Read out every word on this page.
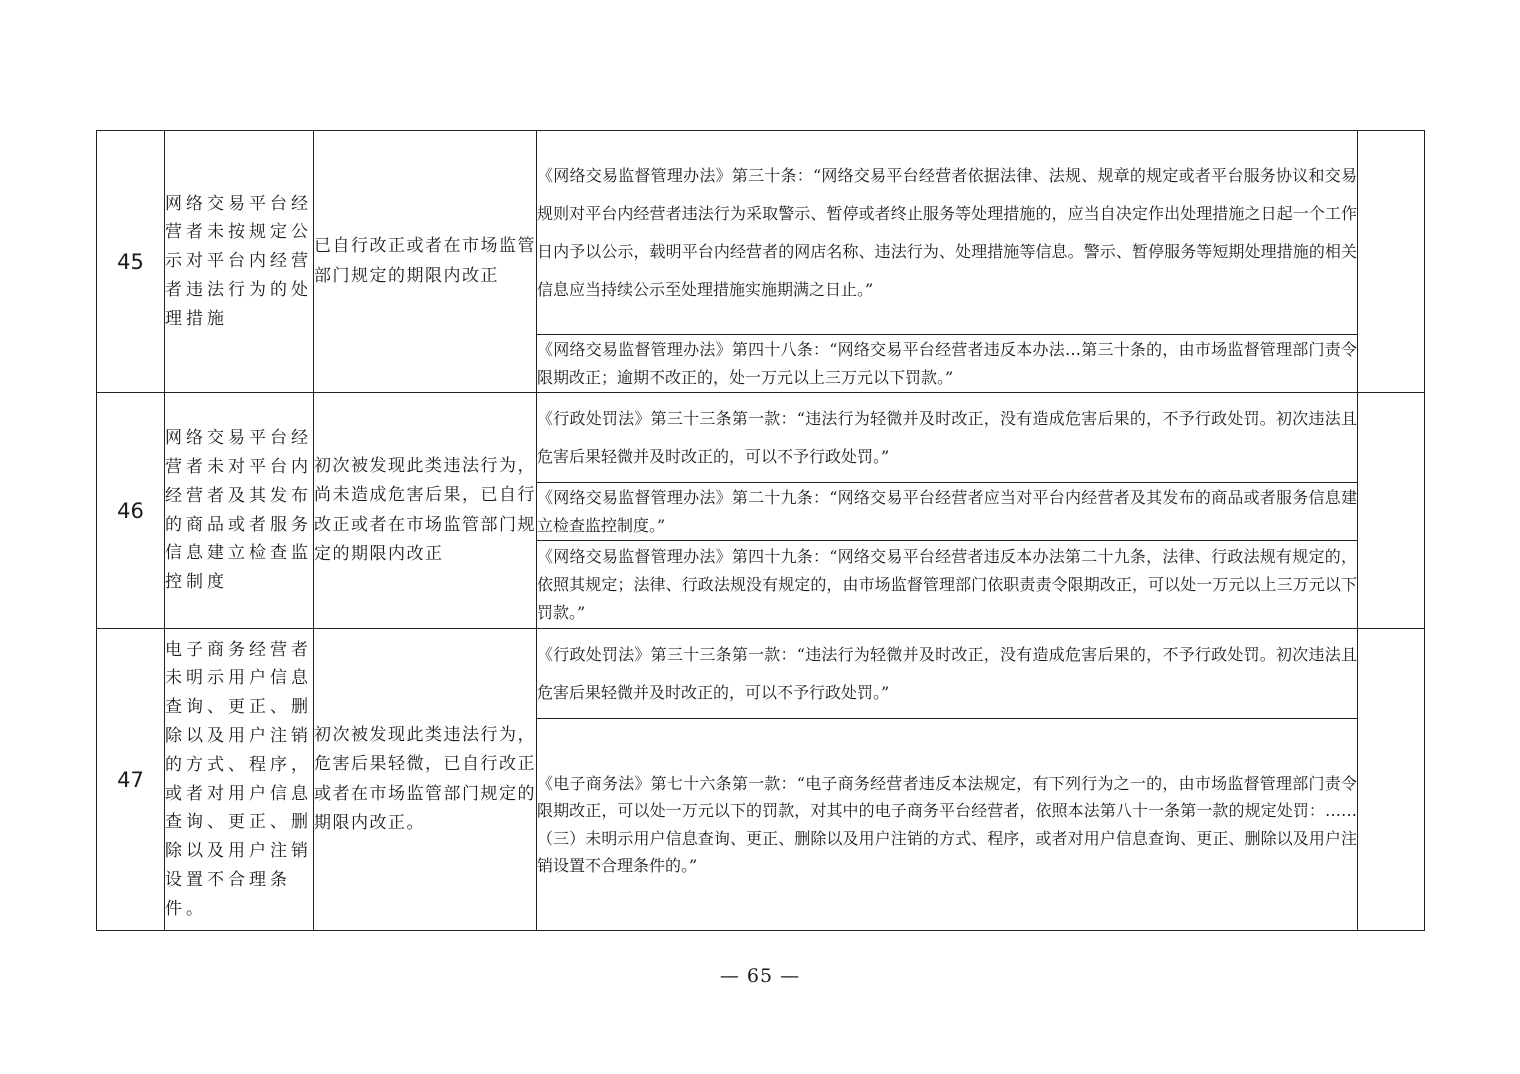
45	网络交易平台经营者未按规定公示对平台内经营者违法行为的处理措施	已自行改正或者在市场监管部门规定的期限内改正	《网络交易监督管理办法》第三十条：“网络交易平台经营者依据法律、法规、规章的规定或者平台服务协议和交易规则对平台内经营者违法行为采取警示、暂停或者终止服务等处理措施的，应当自决定作出处理措施之日起一个工作日内予以公示，载明平台内经营者的网店名称、违法行为、处理措施等信息。警示、暂停服务等短期处理措施的相关信息应当持续公示至处理措施实施期满之日止。”	
			《网络交易监督管理办法》第四十八条：“网络交易平台经营者违反本办法…第三十条的，由市场监督管理部门责令限期改正；逾期不改正的，处一万元以上三万元以下罚款。”	
46	网络交易平台经营者未对平台内经营者及其发布的商品或者服务信息建立检查监控制度	初次被发现此类违法行为，尚未造成危害后果，已自行改正或者在市场监管部门规定的期限内改正	《行政处罚法》第三十三条第一款：“违法行为轻微并及时改正，没有造成危害后果的，不予行政处罚。初次违法且危害后果轻微并及时改正的，可以不予行政处罚。”	
			《网络交易监督管理办法》第二十九条：“网络交易平台经营者应当对平台内经营者及其发布的商品或者服务信息建立检查监控制度。”	
			《网络交易监督管理办法》第四十九条：“网络交易平台经营者违反本办法第二十九条，法律、行政法规有规定的，依照其规定；法律、行政法规没有规定的，由市场监督管理部门依职责责令限期改正，可以处一万元以上三万元以下罚款。”	
47	电子商务经营者未明示用户信息查询、更正、删除以及用户注销的方式、程序，或者对用户信息查询、更正、删除以及用户注销设置不合理条件。	初次被发现此类违法行为，危害后果轻微，已自行改正或者在市场监管部门规定的期限内改正。	《行政处罚法》第三十三条第一款：“违法行为轻微并及时改正，没有造成危害后果的，不予行政处罚。初次违法且危害后果轻微并及时改正的，可以不予行政处罚。”	
			《电子商务法》第七十六条第一款：“电子商务经营者违反本法规定，有下列行为之一的，由市场监督管理部门责令限期改正，可以处一万元以下的罚款，对其中的电子商务平台经营者，依照本法第八十一条第一款的规定处罚：……（三）未明示用户信息查询、更正、删除以及用户注销的方式、程序，或者对用户信息查询、更正、删除以及用户注销设置不合理条件的。”	
— 65 —
